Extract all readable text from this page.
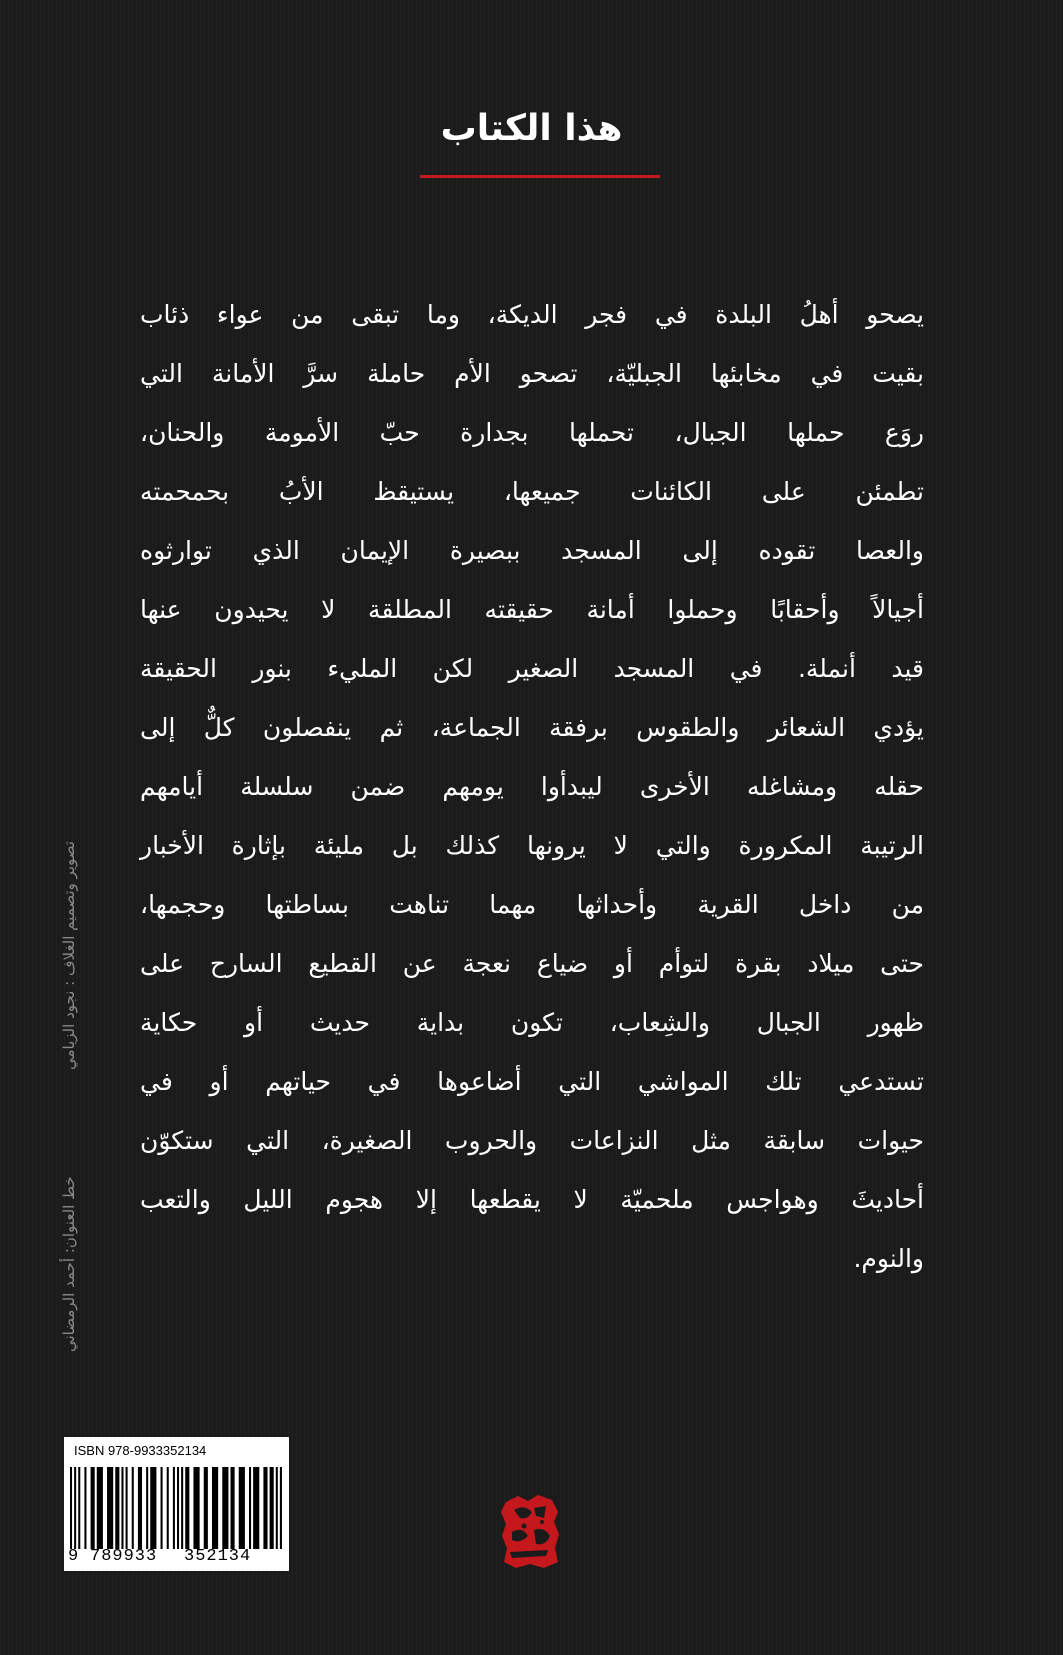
هذا الكتاب
يصحو أهلُ البلدة في فجر الديكة، وما تبقى من عواء ذئاب
بقيت في مخابئها الجبليّة، تصحو الأم حاملة سرَّ الأمانة التي
روَع حملها الجبال، تحملها بجدارة حبّ الأمومة والحنان،
تطمئن على الكائنات جميعها، يستيقظ الأبُ بحمحمته
والعصا تقوده إلى المسجد ببصيرة الإيمان الذي توارثوه
أجيالاً وأحقابًا وحملوا أمانة حقيقته المطلقة لا يحيدون عنها
قيد أنملة. في المسجد الصغير لكن المليء بنور الحقيقة
يؤدي الشعائر والطقوس برفقة الجماعة، ثم ينفصلون كلٌّ إلى
حقله ومشاغله الأخرى ليبدأوا يومهم ضمن سلسلة أيامهم
الرتيبة المكرورة والتي لا يرونها كذلك بل مليئة بإثارة الأخبار
من داخل القرية وأحداثها مهما تناهت بساطتها وحجمها،
حتى ميلاد بقرة لتوأم أو ضياع نعجة عن القطيع السارح على
ظهور الجبال والشِعاب، تكون بداية حديث أو حكاية
تستدعي تلك المواشي التي أضاعوها في حياتهم أو في
حيوات سابقة مثل النزاعات والحروب الصغيرة، التي ستكوّن
أحاديثَ وهواجس ملحميّة لا يقطعها إلا هجوم الليل والتعب
والنوم.
تصوير وتصميم الغلاف : نجود الزيامي
خط العنوان: أحمد الرمضاني
ISBN 978-9933352134
9 789933 352134
